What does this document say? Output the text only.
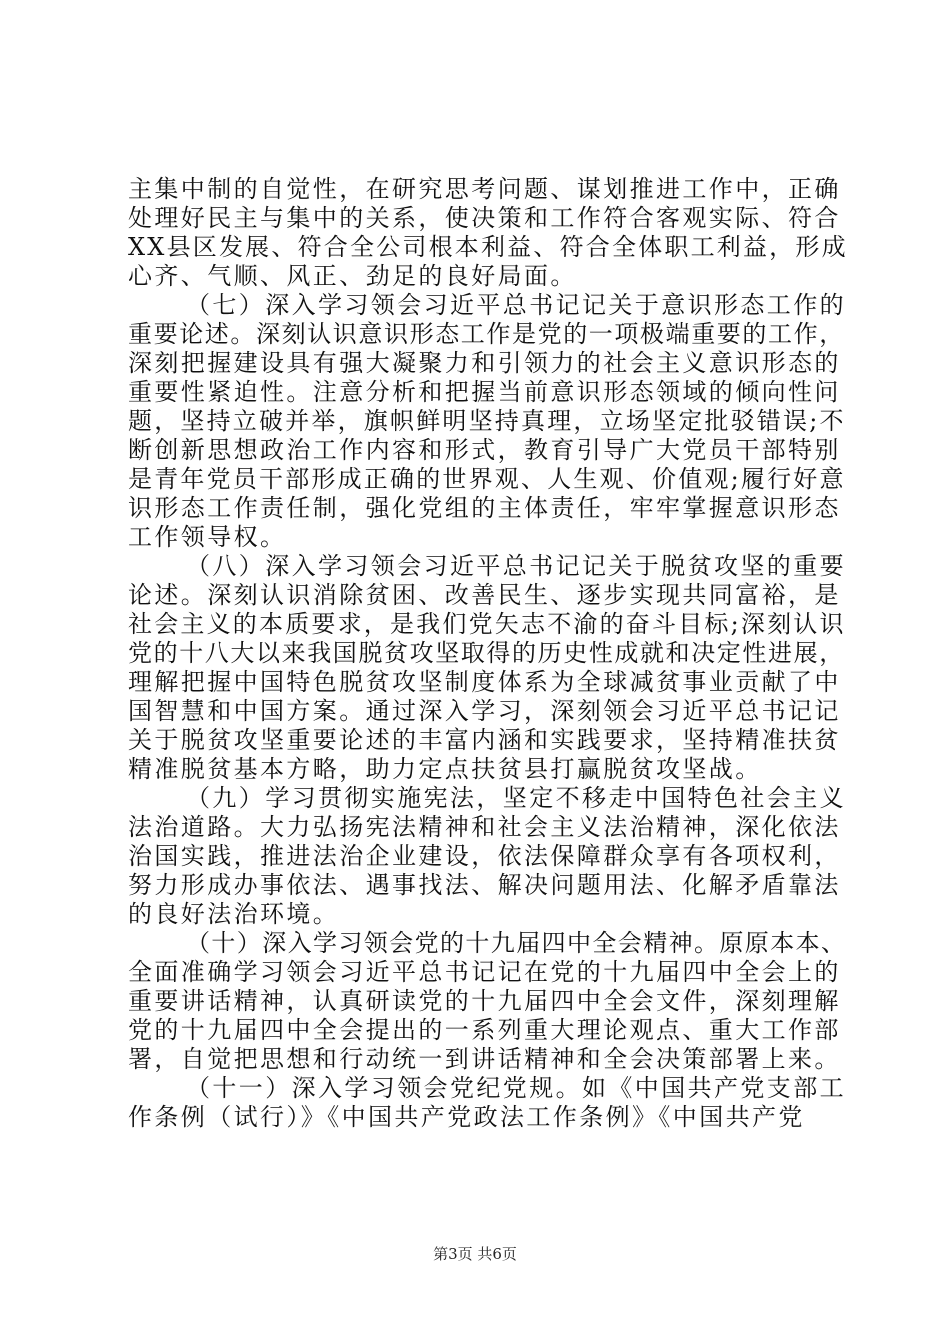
主集中制的自觉性，在研究思考问题、谋划推进工作中，正确
处理好民主与集中的关系，使决策和工作符合客观实际、符合
XX县区发展、符合全公司根本利益、符合全体职工利益，形成
心齐、气顺、风正、劲足的良好局面。
（七）深入学习领会习近平总书记记关于意识形态工作的
重要论述。深刻认识意识形态工作是党的一项极端重要的工作，
深刻把握建设具有强大凝聚力和引领力的社会主义意识形态的
重要性紧迫性。注意分析和把握当前意识形态领域的倾向性问
题，坚持立破并举，旗帜鲜明坚持真理，立场坚定批驳错误;不
断创新思想政治工作内容和形式，教育引导广大党员干部特别
是青年党员干部形成正确的世界观、人生观、价值观;履行好意
识形态工作责任制，强化党组的主体责任，牢牢掌握意识形态
工作领导权。
（八）深入学习领会习近平总书记记关于脱贫攻坚的重要
论述。深刻认识消除贫困、改善民生、逐步实现共同富裕，是
社会主义的本质要求，是我们党矢志不渝的奋斗目标;深刻认识
党的十八大以来我国脱贫攻坚取得的历史性成就和决定性进展，
理解把握中国特色脱贫攻坚制度体系为全球减贫事业贡献了中
国智慧和中国方案。通过深入学习，深刻领会习近平总书记记
关于脱贫攻坚重要论述的丰富内涵和实践要求，坚持精准扶贫
精准脱贫基本方略，助力定点扶贫县打赢脱贫攻坚战。
（九）学习贯彻实施宪法，坚定不移走中国特色社会主义
法治道路。大力弘扬宪法精神和社会主义法治精神，深化依法
治国实践，推进法治企业建设，依法保障群众享有各项权利，
努力形成办事依法、遇事找法、解决问题用法、化解矛盾靠法
的良好法治环境。
（十）深入学习领会党的十九届四中全会精神。原原本本、
全面准确学习领会习近平总书记记在党的十九届四中全会上的
重要讲话精神，认真研读党的十九届四中全会文件，深刻理解
党的十九届四中全会提出的一系列重大理论观点、重大工作部
署，自觉把思想和行动统一到讲话精神和全会决策部署上来。
（十一）深入学习领会党纪党规。如《中国共产党支部工
作条例（试行）》《中国共产党政法工作条例》《中国共产党
第3页 共6页
